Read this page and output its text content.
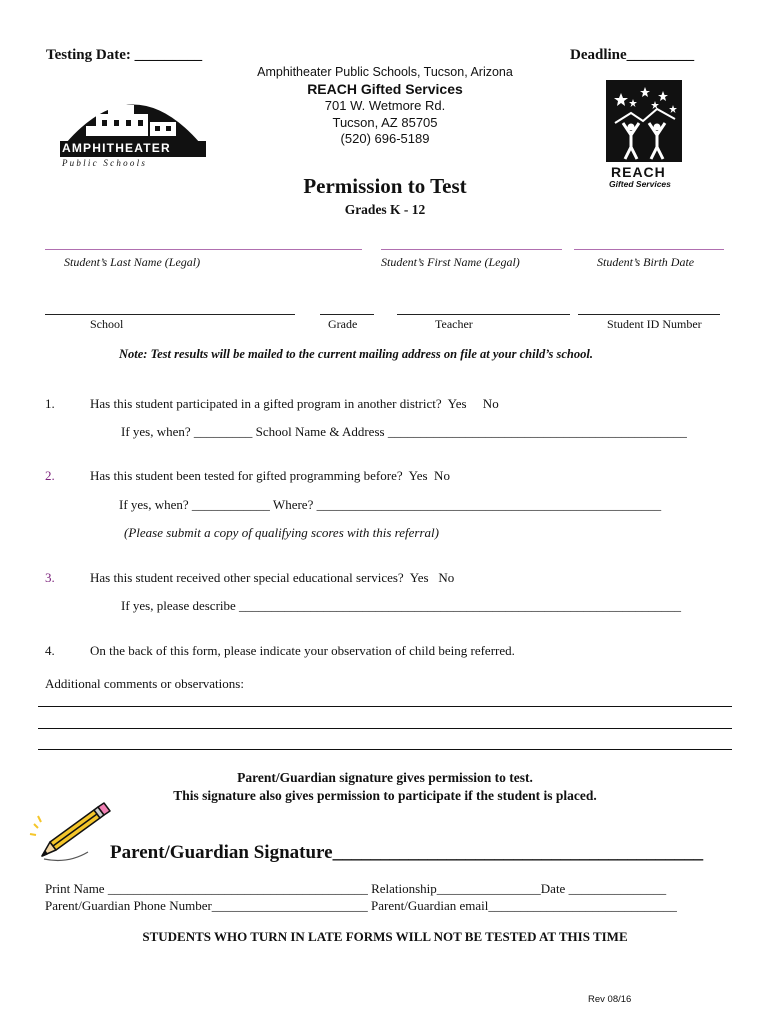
Testing Date: _________	Deadline_________
Amphitheater Public Schools, Tucson, Arizona
REACH Gifted Services
701 W. Wetmore Rd.
Tucson, AZ 85705
(520) 696-5189
AMPHITHEATER
P u b l i c   S c h o o l s
REACH
Gifted Services
Permission to Test
Grades K - 12
Student’s Last Name (Legal)	Student’s First Name (Legal)	Student’s Birth Date
School	Grade	Teacher	Student ID Number
Note: Test results will be mailed to the current mailing address on file at your child’s school.
1.	Has this student participated in a gifted program in another district?  Yes     No
If yes, when? _________ School Name & Address ______________________________________________
2.	Has this student been tested for gifted programming before?  Yes  No
If yes, when? ____________ Where? _____________________________________________________
(Please submit a copy of qualifying scores with this referral)
3.	Has this student received other special educational services?  Yes   No
If yes, please describe ____________________________________________________________________
4.	On the back of this form, please indicate your observation of child being referred.
Additional comments or observations:
Parent/Guardian signature gives permission to test.
This signature also gives permission to participate if the student is placed.
Parent/Guardian Signature_______________________________________
Print Name ________________________________________ Relationship________________Date _______________
Parent/Guardian Phone Number________________________ Parent/Guardian email_____________________________
STUDENTS WHO TURN IN LATE FORMS WILL NOT BE TESTED AT THIS TIME
Rev 08/16
